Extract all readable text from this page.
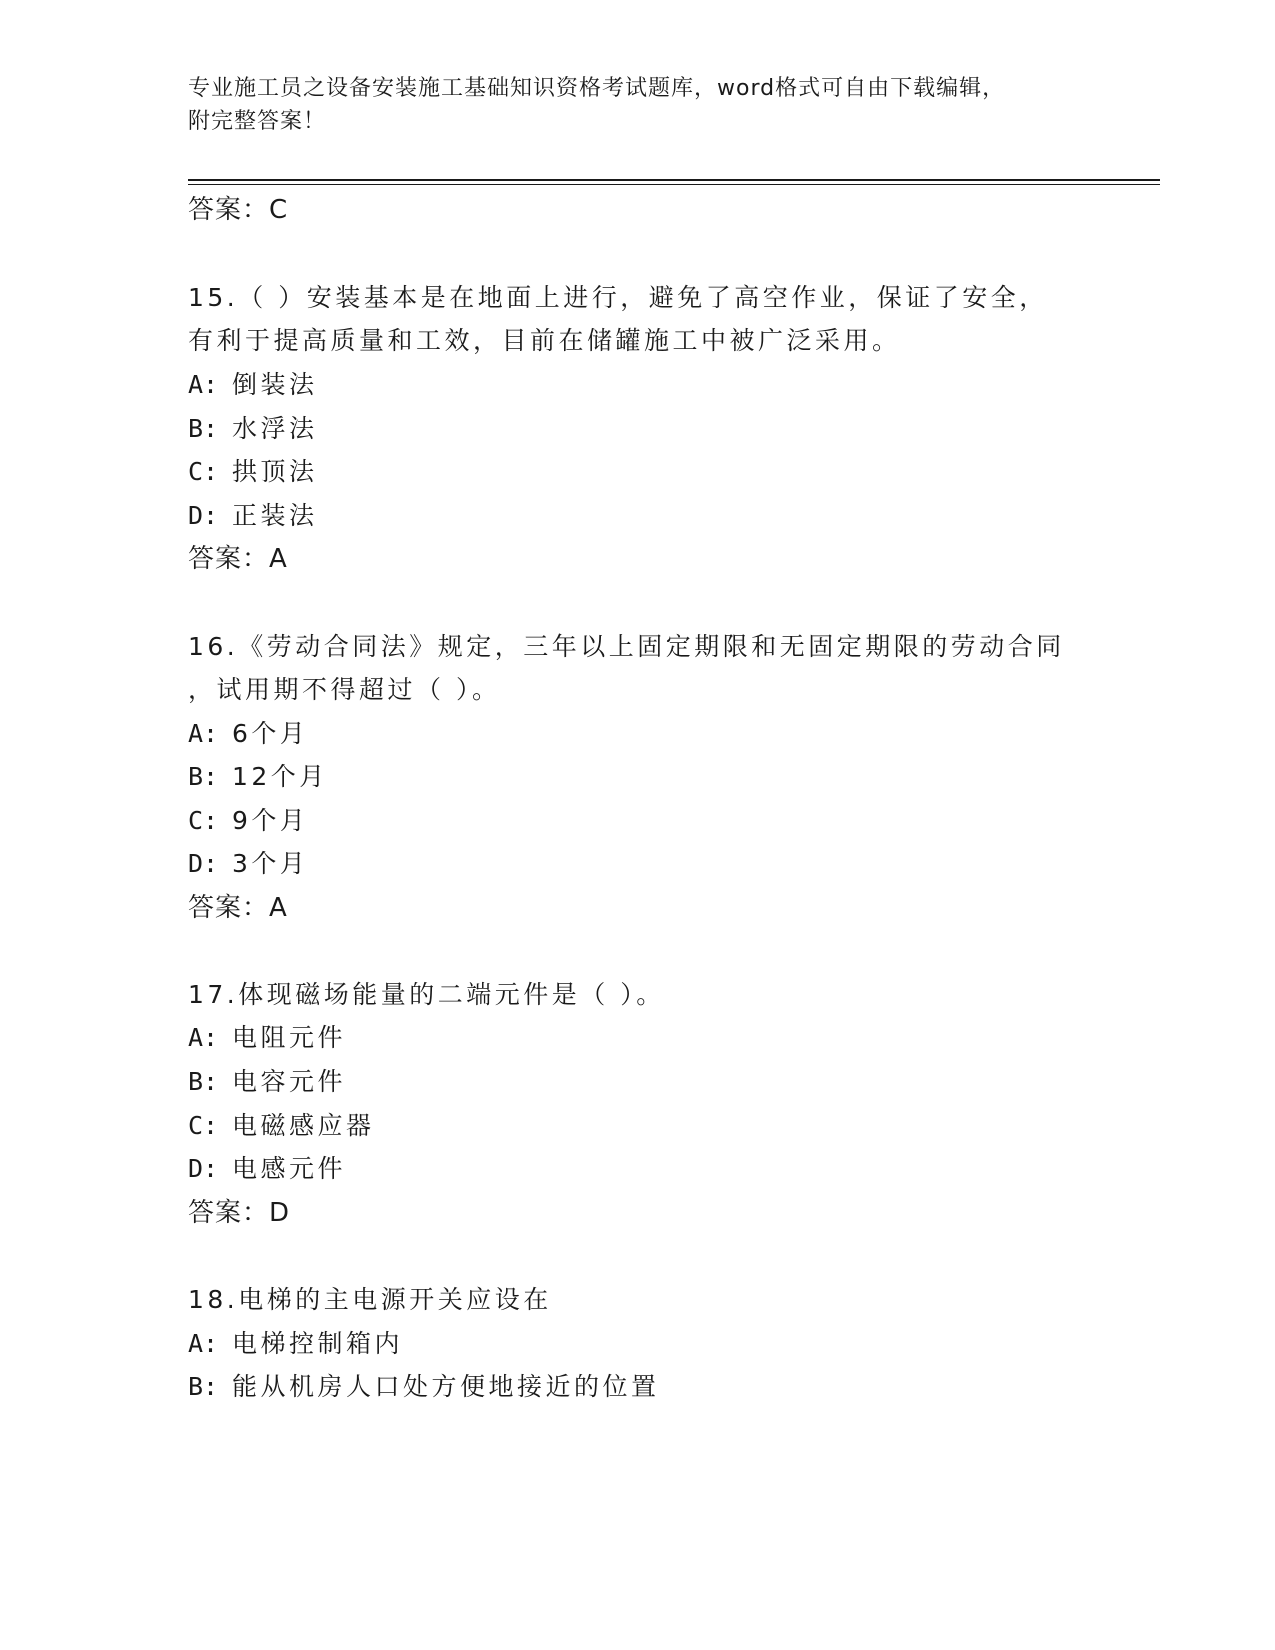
专业施工员之设备安装施工基础知识资格考试题库，word格式可自由下载编辑，
附完整答案！
答案：C
15.（ ）安装基本是在地面上进行，避免了高空作业，保证了安全，
有利于提高质量和工效，目前在储罐施工中被广泛采用。
A: 倒装法
B: 水浮法
C: 拱顶法
D: 正装法
答案：A
16.《劳动合同法》规定，三年以上固定期限和无固定期限的劳动合同
，试用期不得超过（ ）。
A: 6个月
B: 12个月
C: 9个月
D: 3个月
答案：A
17.体现磁场能量的二端元件是（ ）。
A: 电阻元件
B: 电容元件
C: 电磁感应器
D: 电感元件
答案：D
18.电梯的主电源开关应设在
A: 电梯控制箱内
B: 能从机房人口处方便地接近的位置
